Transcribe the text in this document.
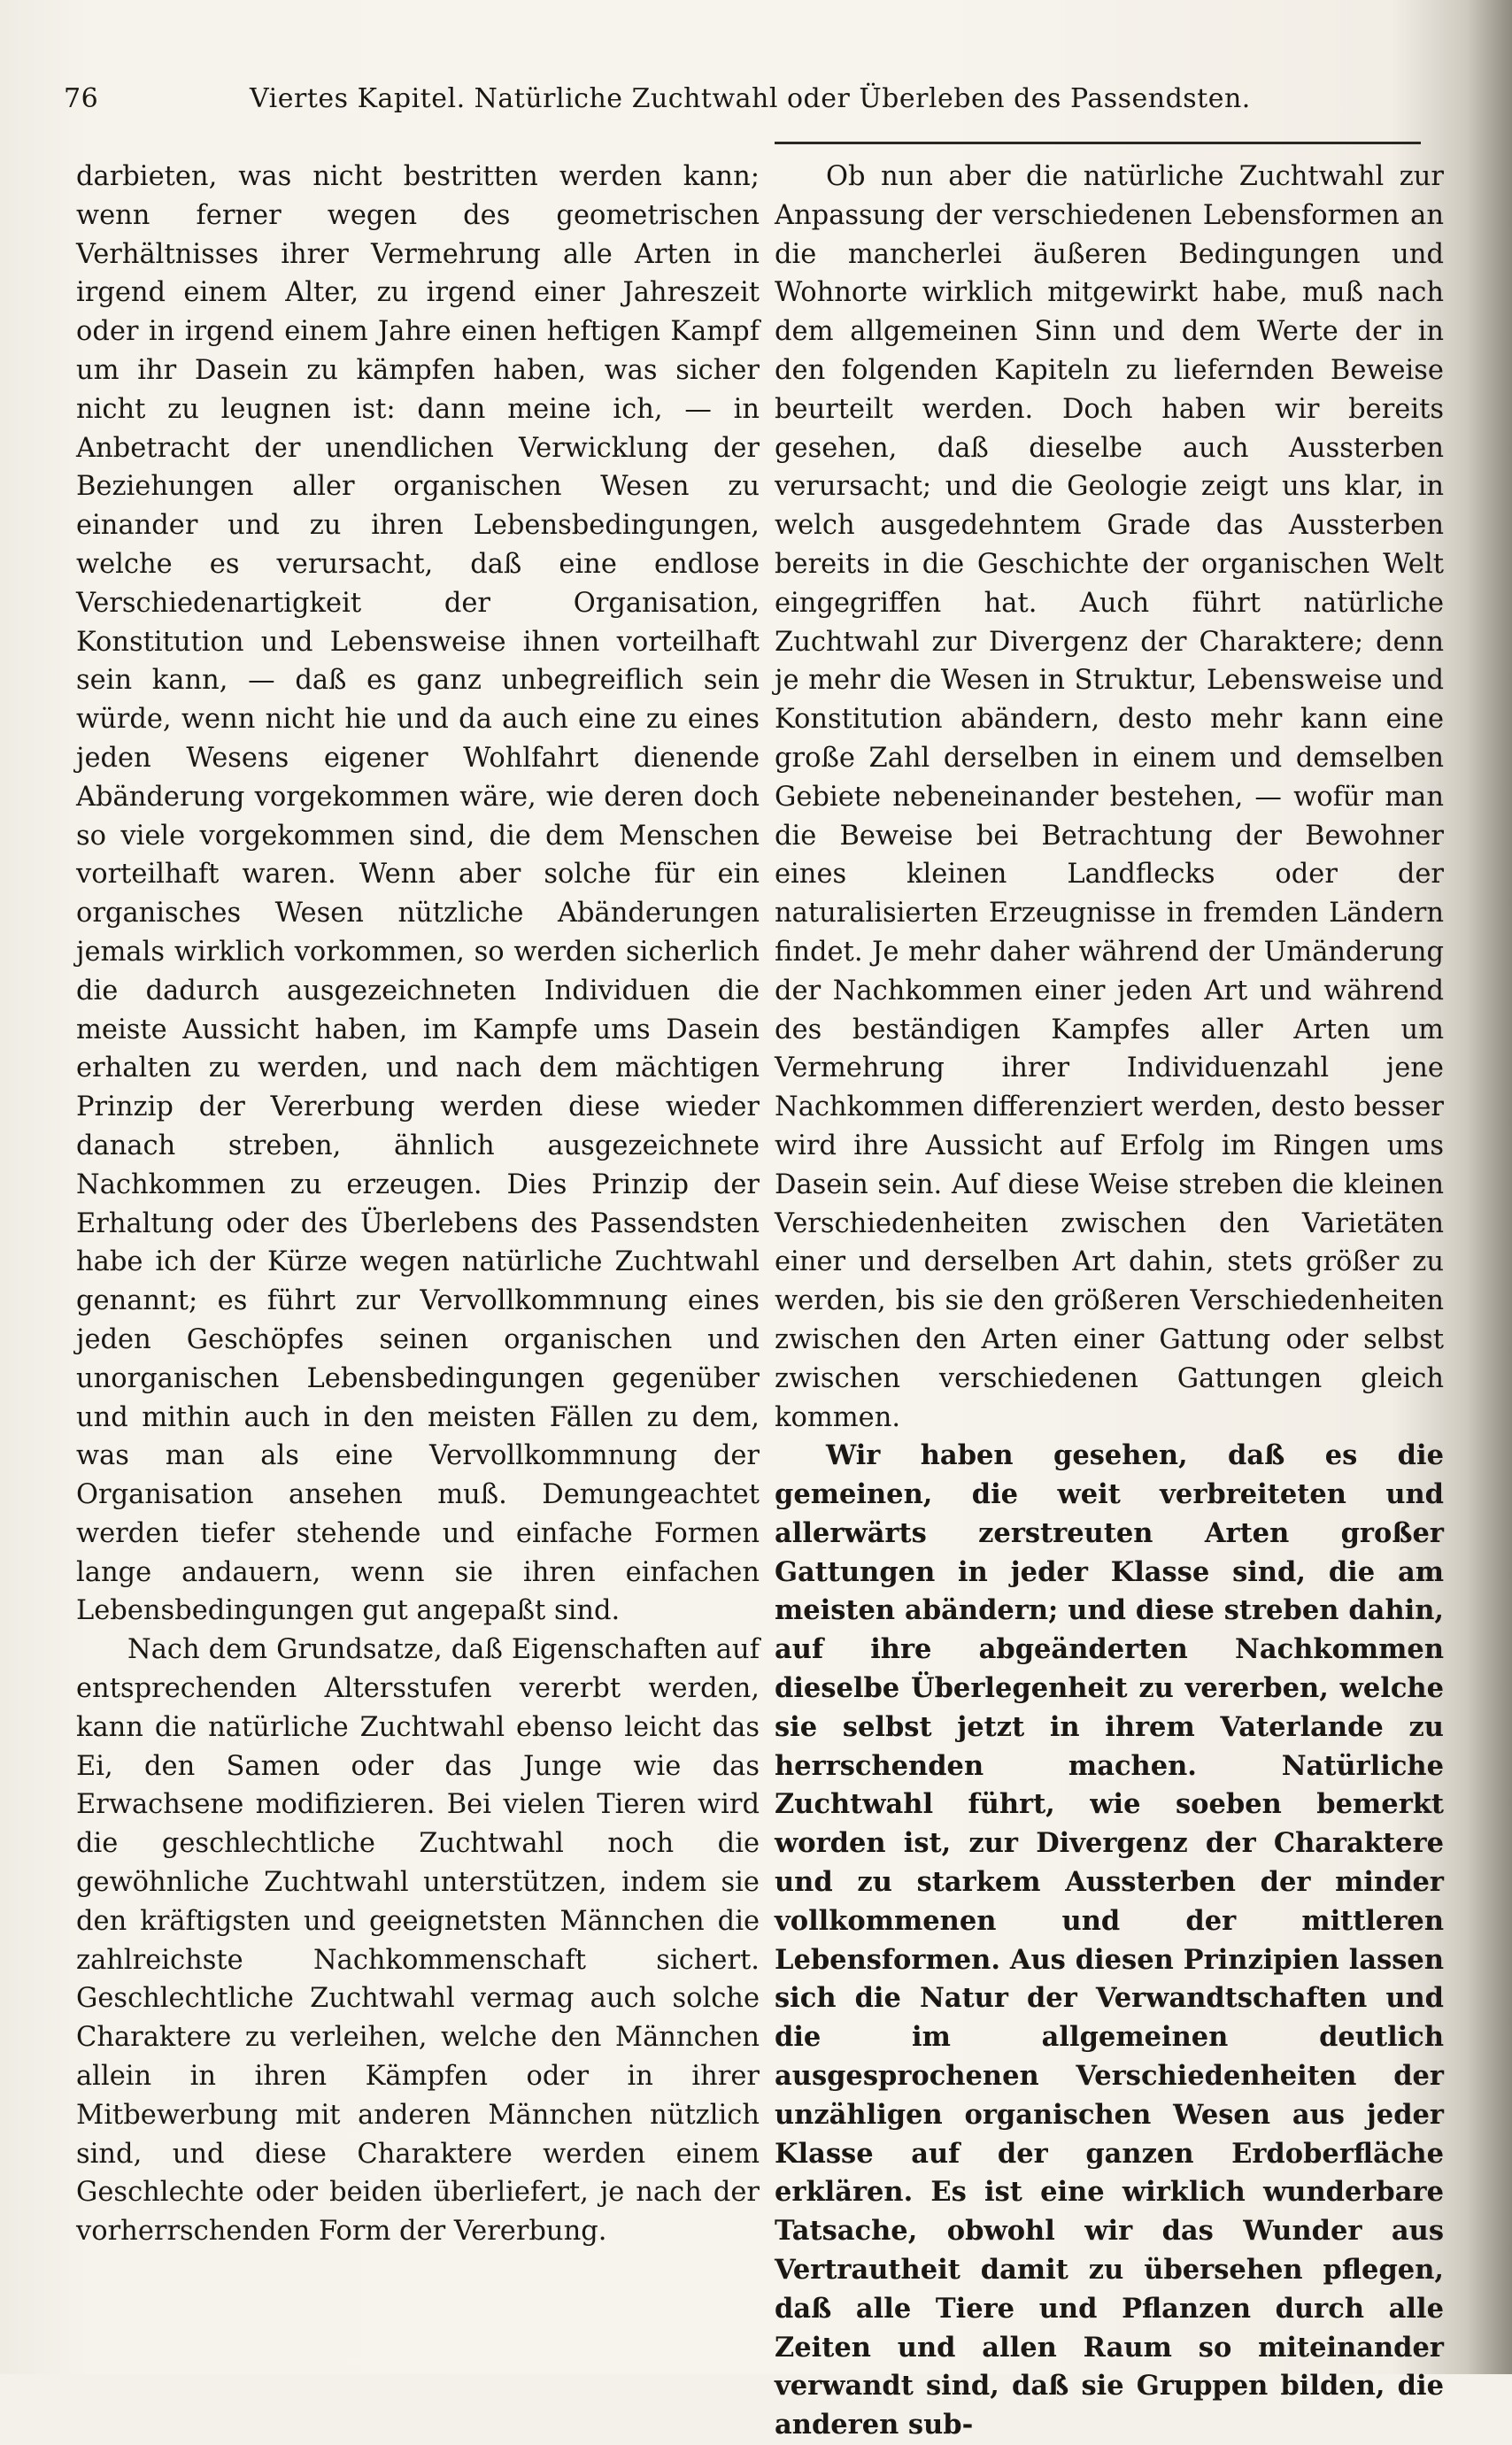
76	Viertes Kapitel. Natürliche Zuchtwahl oder Überleben des Passendsten.

darbieten, was nicht bestritten werden kann; wenn ferner wegen des geometrischen Verhältnisses ihrer Vermehrung alle Arten in irgend einem Alter, zu irgend einer Jahreszeit oder in irgend einem Jahre einen heftigen Kampf um ihr Dasein zu kämpfen haben, was sicher nicht zu leugnen ist: dann meine ich, — in Anbetracht der unendlichen Verwicklung der Beziehungen aller organischen Wesen zu einander und zu ihren Lebensbedingungen, welche es verursacht, daß eine endlose Verschiedenartigkeit der Organisation, Konstitution und Lebensweise ihnen vorteilhaft sein kann, — daß es ganz unbegreiflich sein würde, wenn nicht hie und da auch eine zu eines jeden Wesens eigener Wohlfahrt dienende Abänderung vorgekommen wäre, wie deren doch so viele vorgekommen sind, die dem Menschen vorteilhaft waren. Wenn aber solche für ein organisches Wesen nützliche Abänderungen jemals wirklich vorkommen, so werden sicherlich die dadurch ausgezeichneten Individuen die meiste Aussicht haben, im Kampfe ums Dasein erhalten zu werden, und nach dem mächtigen Prinzip der Vererbung werden diese wieder danach streben, ähnlich ausgezeichnete Nachkommen zu erzeugen. Dies Prinzip der Erhaltung oder des Überlebens des Passendsten habe ich der Kürze wegen natürliche Zuchtwahl genannt; es führt zur Vervollkommnung eines jeden Geschöpfes seinen organischen und unorganischen Lebensbedingungen gegenüber und mithin auch in den meisten Fällen zu dem, was man als eine Vervollkommnung der Organisation ansehen muß. Demungeachtet werden tiefer stehende und einfache Formen lange andauern, wenn sie ihren einfachen Lebensbedingungen gut angepaßt sind.

Nach dem Grundsatze, daß Eigenschaften auf entsprechenden Altersstufen vererbt werden, kann die natürliche Zuchtwahl ebenso leicht das Ei, den Samen oder das Junge wie das Erwachsene modifizieren. Bei vielen Tieren wird die geschlechtliche Zuchtwahl noch die gewöhnliche Zuchtwahl unterstützen, indem sie den kräftigsten und geeignetsten Männchen die zahlreichste Nachkommenschaft sichert. Geschlechtliche Zuchtwahl vermag auch solche Charaktere zu verleihen, welche den Männchen allein in ihren Kämpfen oder in ihrer Mitbewerbung mit anderen Männchen nützlich sind, und diese Charaktere werden einem Geschlechte oder beiden überliefert, je nach der vorherrschenden Form der Vererbung.

Ob nun aber die natürliche Zuchtwahl zur Anpassung der verschiedenen Lebensformen an die mancherlei äußeren Bedingungen und Wohnorte wirklich mitgewirkt habe, muß nach dem allgemeinen Sinn und dem Werte der in den folgenden Kapiteln zu liefernden Beweise beurteilt werden. Doch haben wir bereits gesehen, daß dieselbe auch Aussterben verursacht; und die Geologie zeigt uns klar, in welch ausgedehntem Grade das Aussterben bereits in die Geschichte der organischen Welt eingegriffen hat. Auch führt natürliche Zuchtwahl zur Divergenz der Charaktere; denn je mehr die Wesen in Struktur, Lebensweise und Konstitution abändern, desto mehr kann eine große Zahl derselben in einem und demselben Gebiete nebeneinander bestehen, — wofür man die Beweise bei Betrachtung der Bewohner eines kleinen Landflecks oder der naturalisierten Erzeugnisse in fremden Ländern findet. Je mehr daher während der Umänderung der Nachkommen einer jeden Art und während des beständigen Kampfes aller Arten um Vermehrung ihrer Individuenzahl jene Nachkommen differenziert werden, desto besser wird ihre Aussicht auf Erfolg im Ringen ums Dasein sein. Auf diese Weise streben die kleinen Verschiedenheiten zwischen den Varietäten einer und derselben Art dahin, stets größer zu werden, bis sie den größeren Verschiedenheiten zwischen den Arten einer Gattung oder selbst zwischen verschiedenen Gattungen gleich kommen.

Wir haben gesehen, daß es die gemeinen, die weit verbreiteten und allerwärts zerstreuten Arten großer Gattungen in jeder Klasse sind, die am meisten abändern; und diese streben dahin, auf ihre abgeänderten Nachkommen dieselbe Überlegenheit zu vererben, welche sie selbst jetzt in ihrem Vaterlande zu herrschenden machen. Natürliche Zuchtwahl führt, wie soeben bemerkt worden ist, zur Divergenz der Charaktere und zu starkem Aussterben der minder vollkommenen und der mittleren Lebensformen. Aus diesen Prinzipien lassen sich die Natur der Verwandtschaften und die im allgemeinen deutlich ausgesprochenen Verschiedenheiten der unzähligen organischen Wesen aus jeder Klasse auf der ganzen Erdoberfläche erklären. Es ist eine wirklich wunderbare Tatsache, obwohl wir das Wunder aus Vertrautheit damit zu übersehen pflegen, daß alle Tiere und Pflanzen durch alle Zeiten und allen Raum so miteinander verwandt sind, daß sie Gruppen bilden, die anderen sub-
